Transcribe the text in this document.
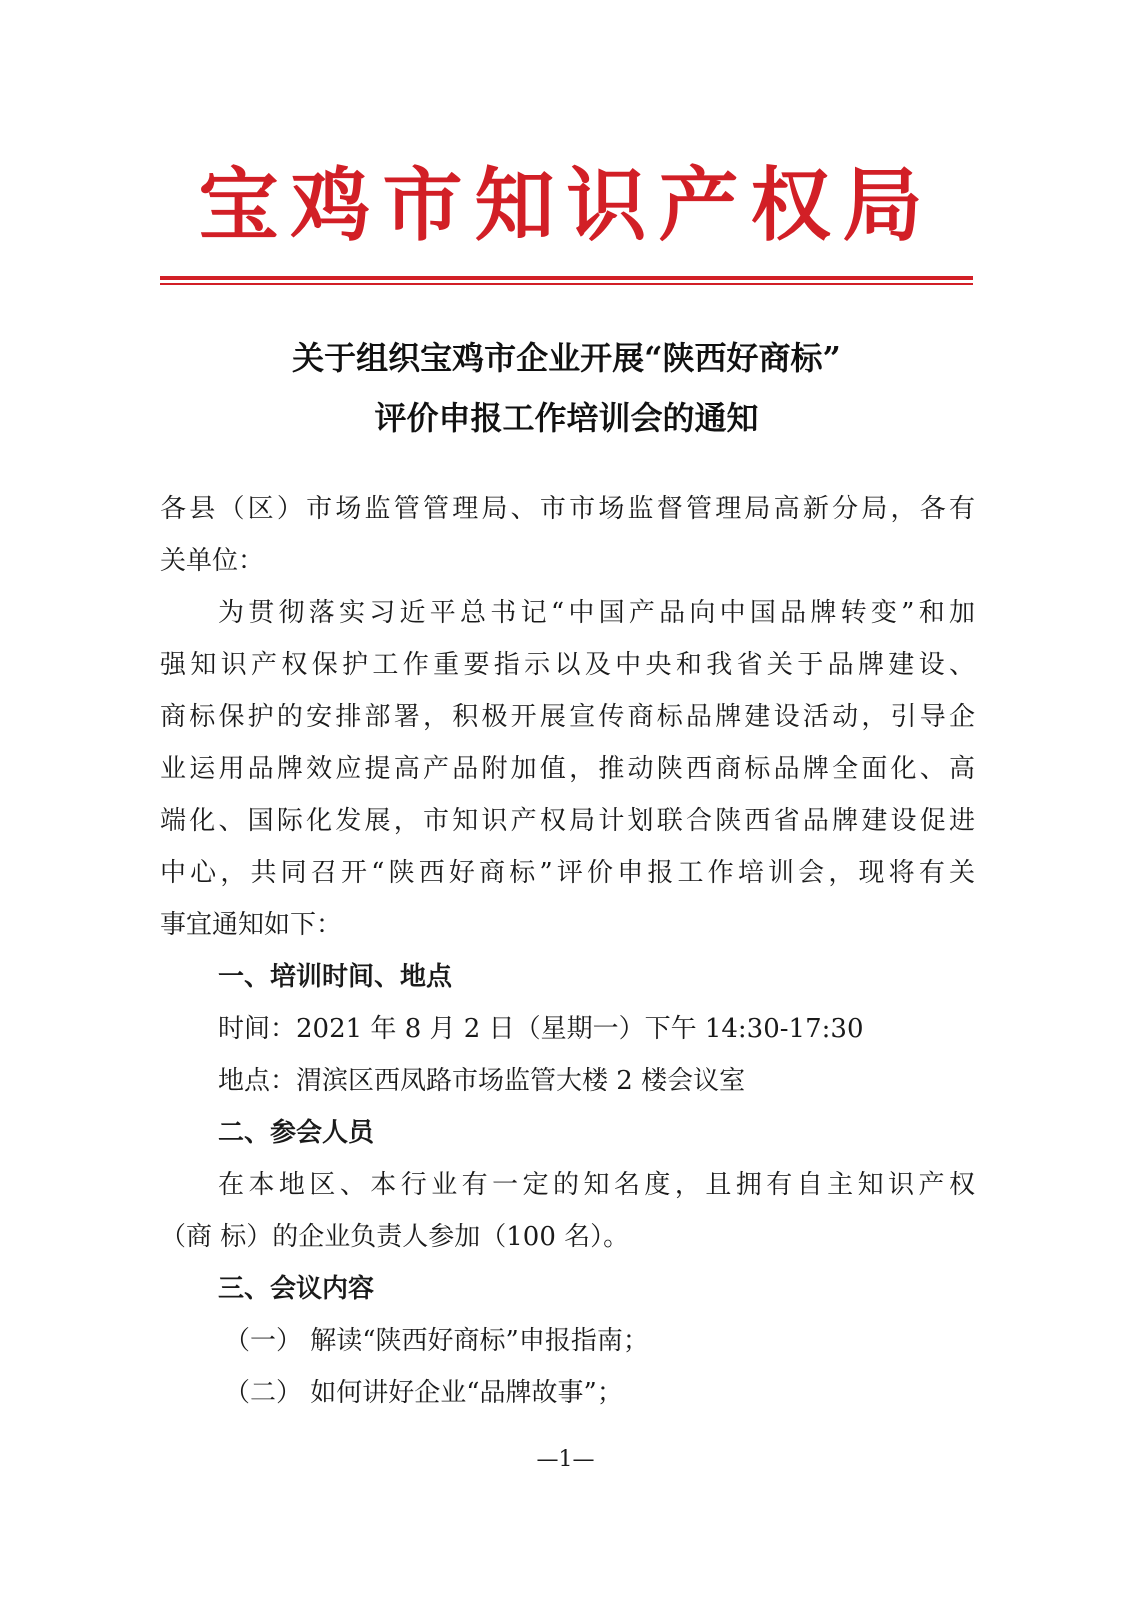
宝鸡市知识产权局
关于组织宝鸡市企业开展“陕西好商标”
评价申报工作培训会的通知
各县（区）市场监管管理局、市市场监督管理局高新分局，各有
关单位：
为贯彻落实习近平总书记“中国产品向中国品牌转变”和加
强知识产权保护工作重要指示以及中央和我省关于品牌建设、
商标保护的安排部署，积极开展宣传商标品牌建设活动，引导企
业运用品牌效应提高产品附加值，推动陕西商标品牌全面化、高
端化、国际化发展，市知识产权局计划联合陕西省品牌建设促进
中心，共同召开“陕西好商标”评价申报工作培训会，现将有关
事宜通知如下：
一、培训时间、地点
时间：2021 年 8 月 2 日（星期一）下午 14:30-17:30
地点：渭滨区西凤路市场监管大楼 2 楼会议室
二、参会人员
在本地区、本行业有一定的知名度，且拥有自主知识产权
（商 标）的企业负责人参加（100 名）。
三、会议内容
（一） 解读“陕西好商标”申报指南；
（二） 如何讲好企业“品牌故事”；
—1—
